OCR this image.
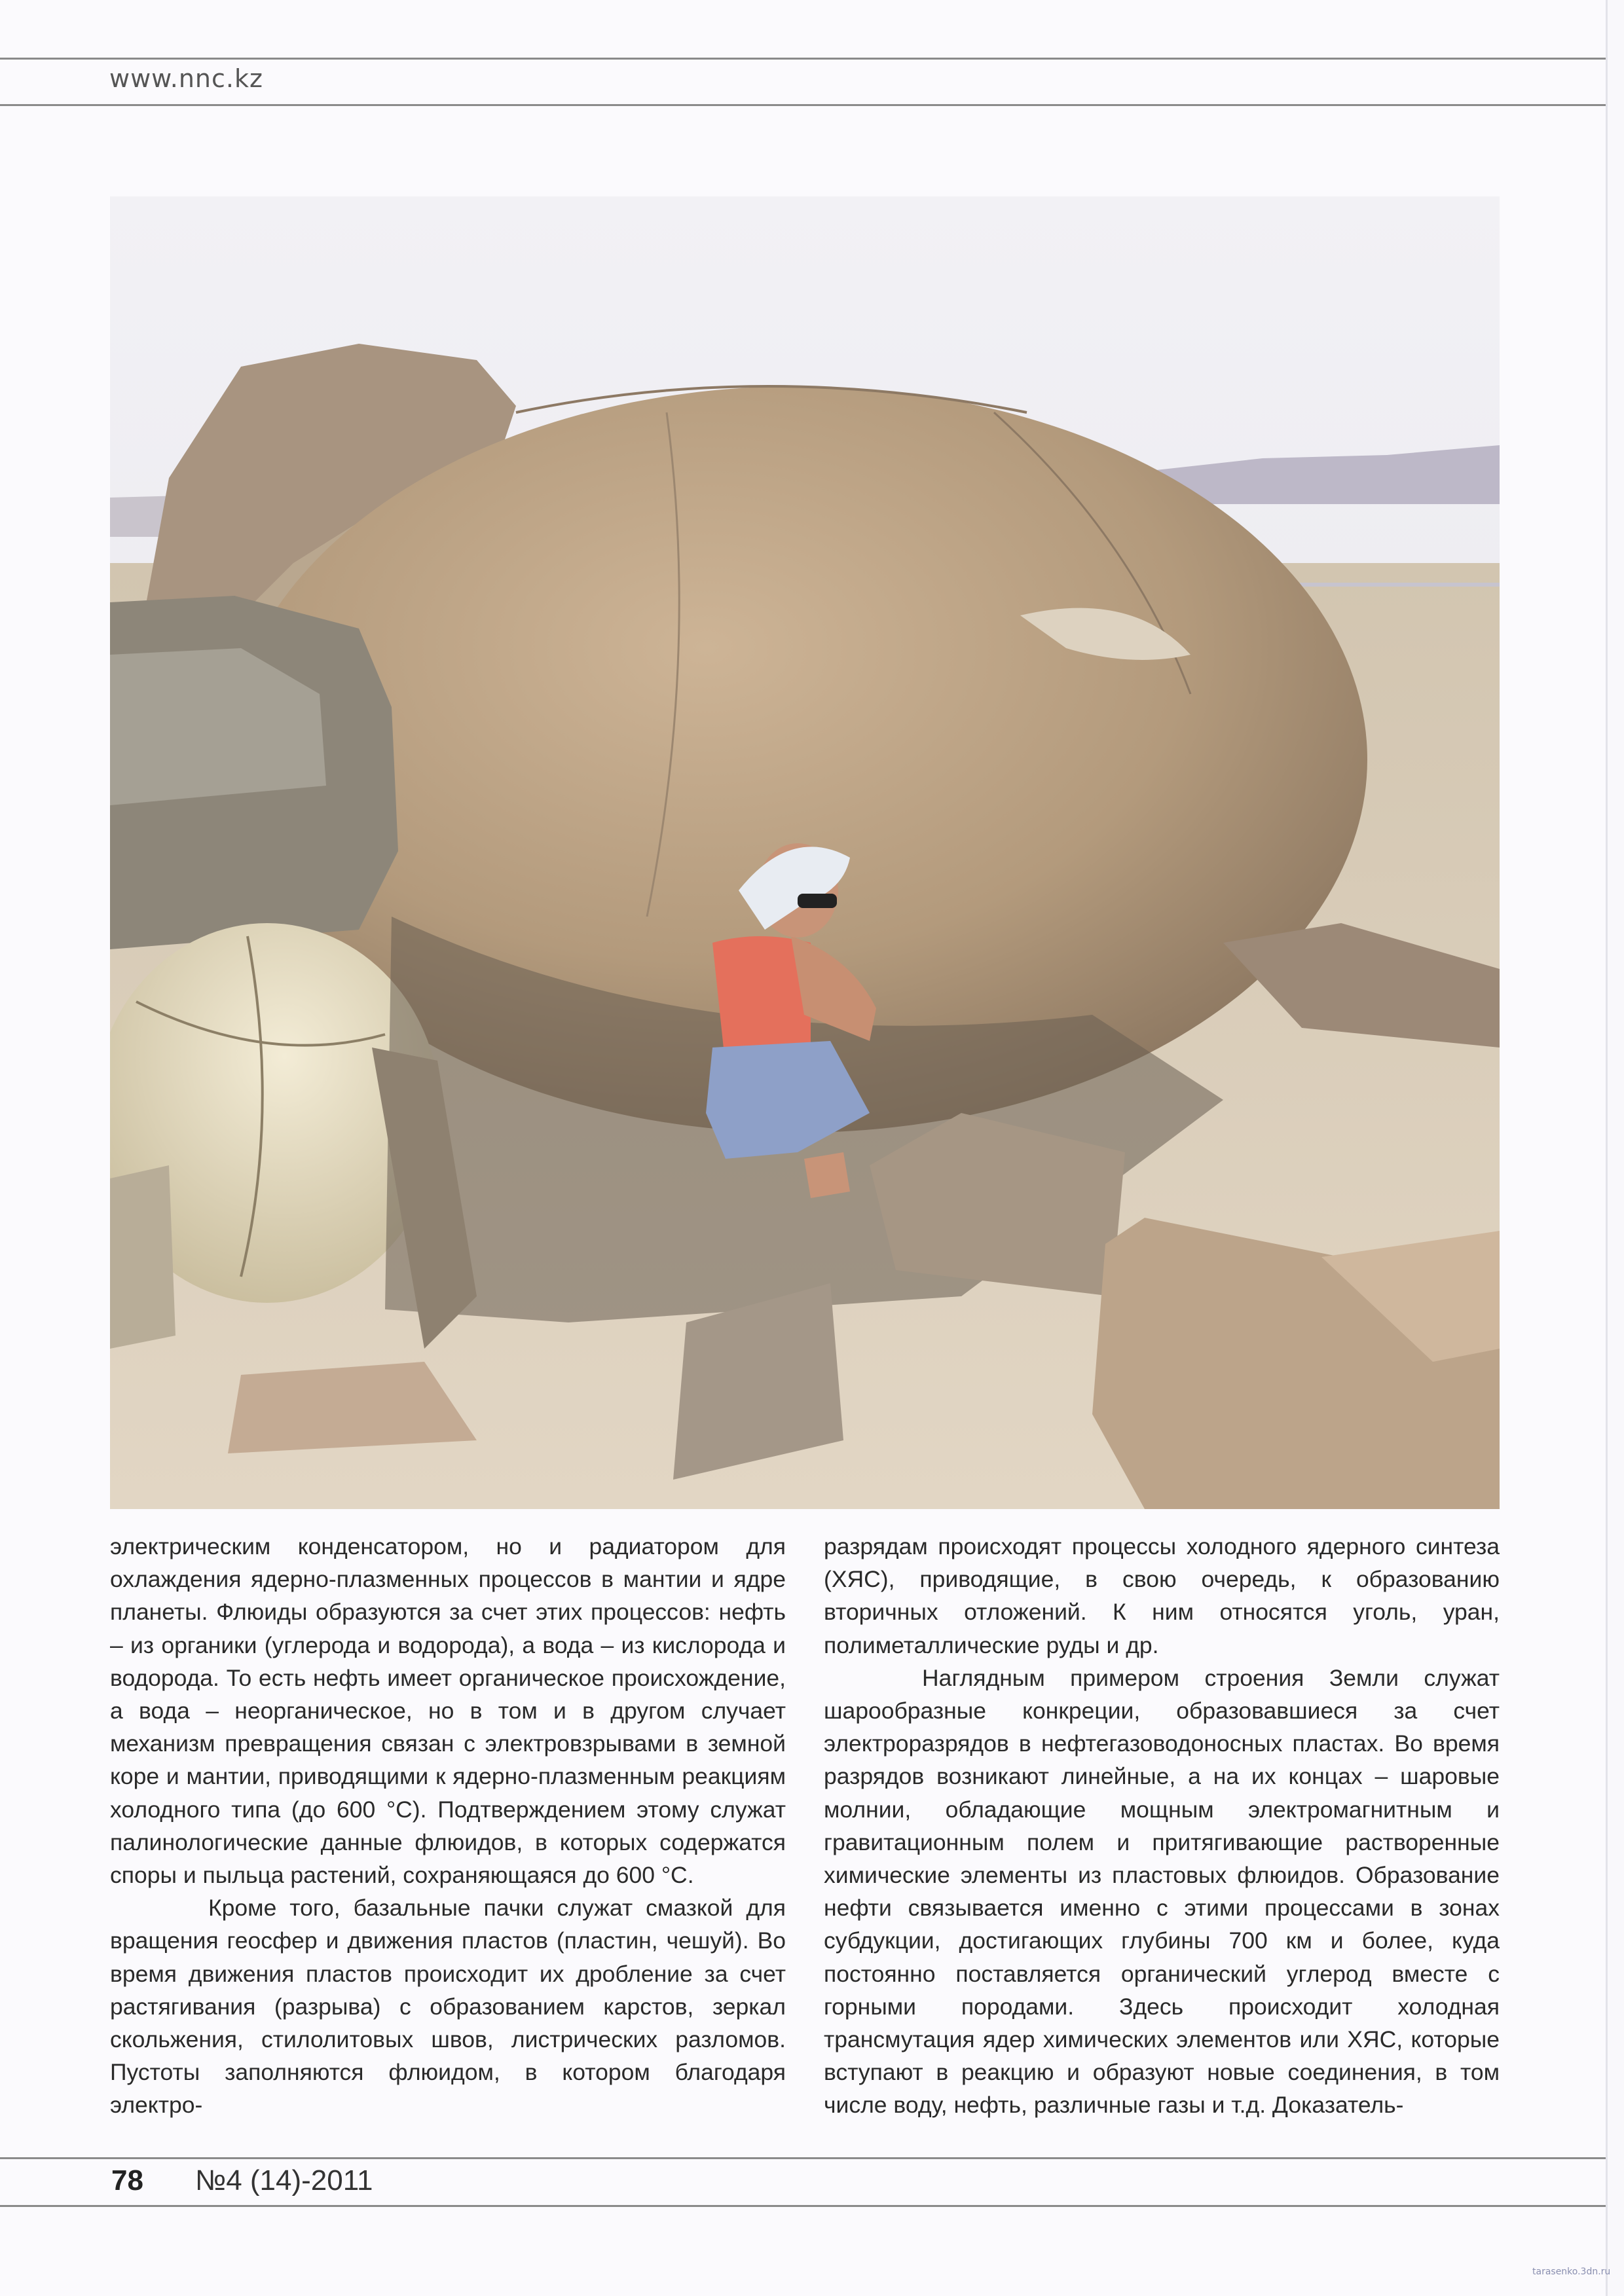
www.nnc.kz

электрическим конденсатором, но и радиатором для охлаждения ядерно-плазменных процессов в мантии и ядре планеты. Флюиды образуются за счет этих процессов: нефть – из органики (углерода и водорода), а вода – из кислорода и водорода. То есть нефть имеет органическое происхождение, а вода – неорганическое, но в том и в другом случает механизм превращения связан с электровзрывами в земной коре и мантии, приводящими к ядерно-плазменным реакциям холодного типа (до 600 °С). Подтверждением этому служат палинологические данные флюидов, в которых содержатся споры и пыльца растений, сохраняющаяся до 600 °С.

Кроме того, базальные пачки служат смазкой для вращения геосфер и движения пластов (пластин, чешуй). Во время движения пластов происходит их дробление за счет растягивания (разрыва) с образованием карстов, зеркал скольжения, стилолитовых швов, листрических разломов. Пустоты заполняются флюидом, в котором благодаря электро-

разрядам происходят процессы холодного ядерного синтеза (ХЯС), приводящие, в свою очередь, к образованию вторичных отложений. К ним относятся уголь, уран, полиметаллические руды и др.

Наглядным примером строения Земли служат шарообразные конкреции, образовавшиеся за счет электроразрядов в нефтегазоводоносных пластах. Во время разрядов возникают линейные, а на их концах – шаровые молнии, обладающие мощным электромагнитным и гравитационным полем и притягивающие растворенные химические элементы из пластовых флюидов. Образование нефти связывается именно с этими процессами в зонах субдукции, достигающих глубины 700 км и более, куда постоянно поставляется органический углерод вместе с горными породами. Здесь происходит холодная трансмутация ядер химических элементов или ХЯС, которые вступают в реакцию и образуют новые соединения, в том числе воду, нефть, различные газы и т.д. Доказатель-

78 №4 (14)-2011
tarasenko.3dn.ru
